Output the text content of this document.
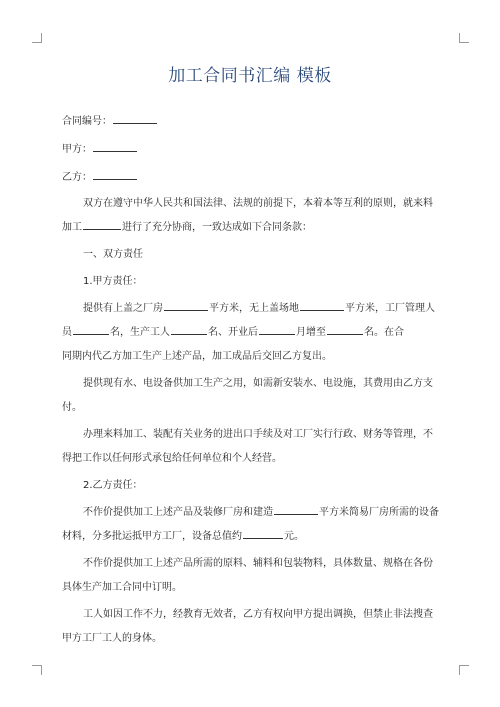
加工合同书汇编 模板
合同编号：
甲方：
乙方：
双方在遵守中华人民共和国法律、法规的前提下，本着本等互利的原则，就来料
加工	进行了充分协商，一致达成如下合同条款：
一、双方责任
1.甲方责任：
提供有上盖之厂房	平方米，无上盖场地	平方米，工厂管理人
员	名，生产工人	名、开业后	月增至	名。在合
同期内代乙方加工生产上述产品，加工成品后交回乙方复出。
提供现有水、电设备供加工生产之用，如需新安装水、电设施，其费用由乙方支
付。
办理来料加工、装配有关业务的进出口手续及对工厂实行行政、财务等管理，不
得把工作以任何形式承包给任何单位和个人经营。
2.乙方责任：
不作价提供加工上述产品及装修厂房和建造	平方米简易厂房所需的设备
材料，分多批运抵甲方工厂，设备总值约	元。
不作价提供加工上述产品所需的原料、辅料和包装物料，具体数量、规格在各份
具体生产加工合同中订明。
工人如因工作不力，经教育无效者，乙方有权向甲方提出调换，但禁止非法搜查
甲方工厂工人的身体。
